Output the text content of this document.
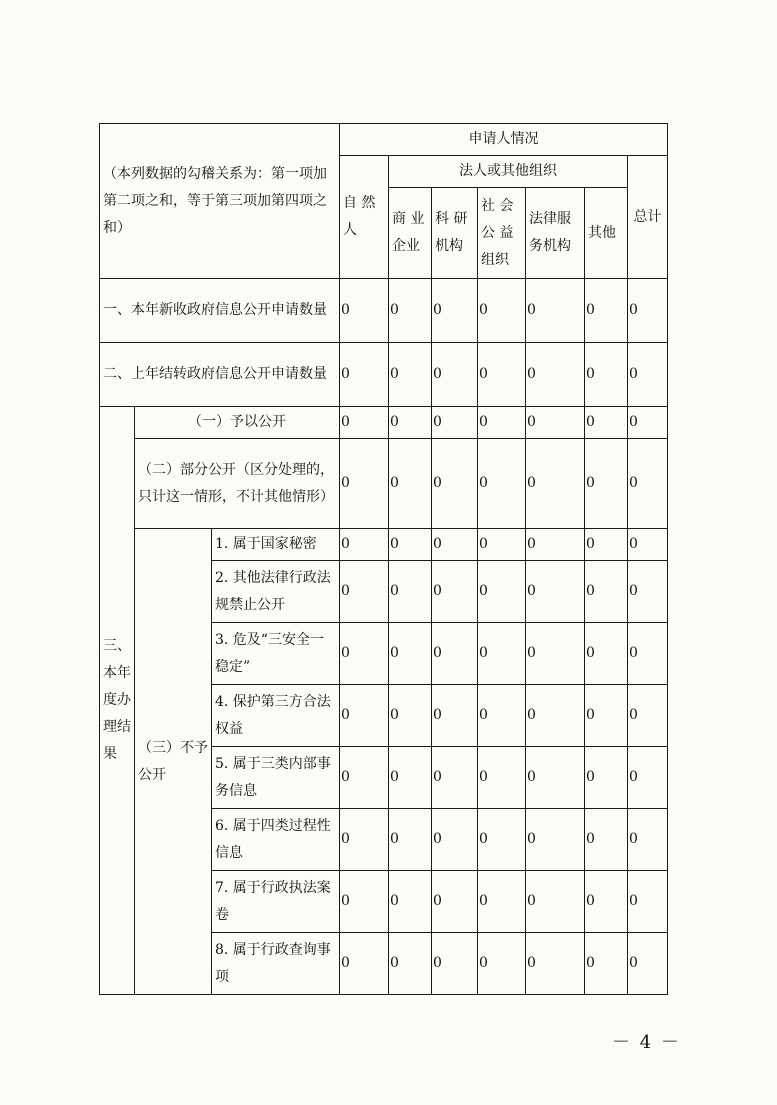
（本列数据的勾稽关系为：第一项加第二项之和，等于第三项加第四项之和）			申请人情况						
			自 然人	法人或其他组织					总计
				商 业企业	科 研机构	社 会公 益组织	法律服务机构	其他	
一、本年新收政府信息公开申请数量			0	0	0	0	0	0	0
二、上年结转政府信息公开申请数量			0	0	0	0	0	0	0
三、本年度办理结果	（一）予以公开		0	0	0	0	0	0	0
	（二）部分公开（区分处理的，只计这一情形，不计其他情形）		0	0	0	0	0	0	0
	（三）不予公开	1. 属于国家秘密	0	0	0	0	0	0	0
		2. 其他法律行政法规禁止公开	0	0	0	0	0	0	0
		3. 危及“三安全一稳定”	0	0	0	0	0	0	0
		4. 保护第三方合法权益	0	0	0	0	0	0	0
		5. 属于三类内部事务信息	0	0	0	0	0	0	0
		6. 属于四类过程性信息	0	0	0	0	0	0	0
		7. 属于行政执法案卷	0	0	0	0	0	0	0
		8. 属于行政查询事项	0	0	0	0	0	0	0
－ 4 －
